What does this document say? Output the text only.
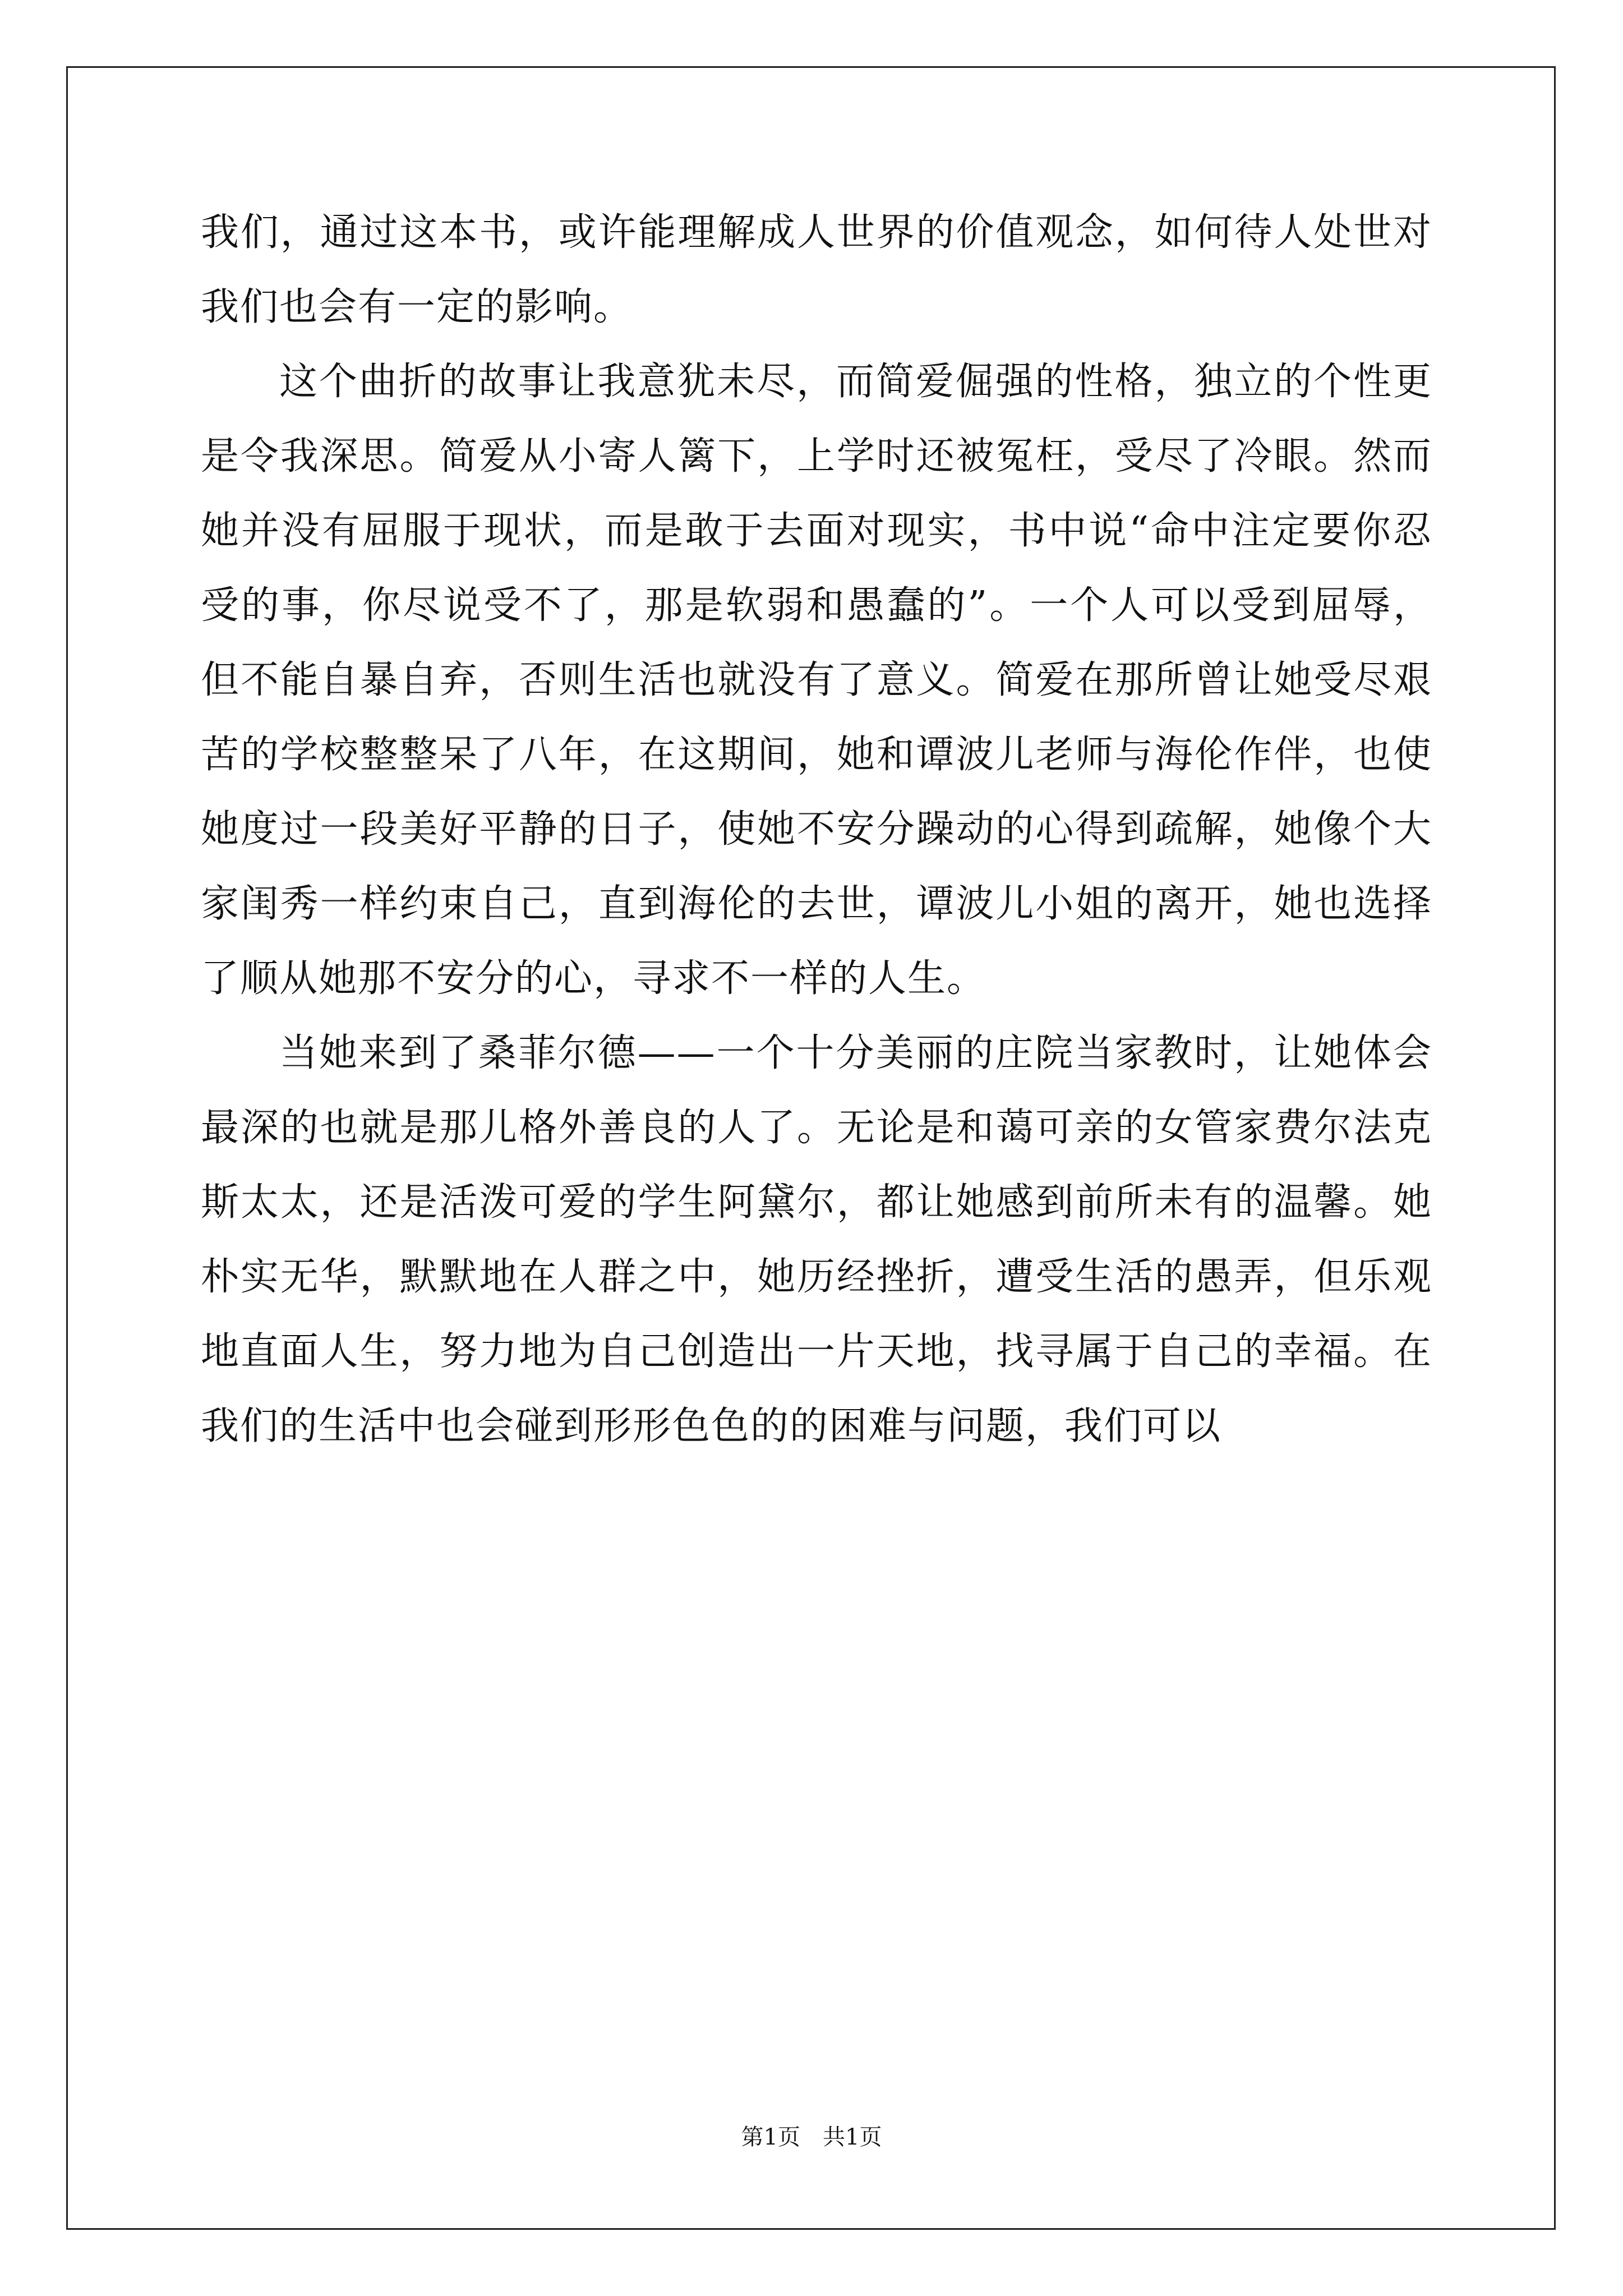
我们，通过这本书，或许能理解成人世界的价值观念，如何待人处世对我们也会有一定的影响。

这个曲折的故事让我意犹未尽，而简爱倔强的性格，独立的个性更是令我深思。简爱从小寄人篱下，上学时还被冤枉，受尽了冷眼。然而她并没有屈服于现状，而是敢于去面对现实，书中说“命中注定要你忍受的事，你尽说受不了，那是软弱和愚蠢的”。一个人可以受到屈辱，但不能自暴自弃，否则生活也就没有了意义。简爱在那所曾让她受尽艰苦的学校整整呆了八年，在这期间，她和谭波儿老师与海伦作伴，也使她度过一段美好平静的日子，使她不安分躁动的心得到疏解，她像个大家闺秀一样约束自己，直到海伦的去世，谭波儿小姐的离开，她也选择了顺从她那不安分的心，寻求不一样的人生。

当她来到了桑菲尔德——一个十分美丽的庄院当家教时，让她体会最深的也就是那儿格外善良的人了。无论是和蔼可亲的女管家费尔法克斯太太，还是活泼可爱的学生阿黛尔，都让她感到前所未有的温馨。她朴实无华，默默地在人群之中，她历经挫折，遭受生活的愚弄，但乐观地直面人生，努力地为自己创造出一片天地，找寻属于自己的幸福。在我们的生活中也会碰到形形色色的的困难与问题，我们可以

第1页　共1页
